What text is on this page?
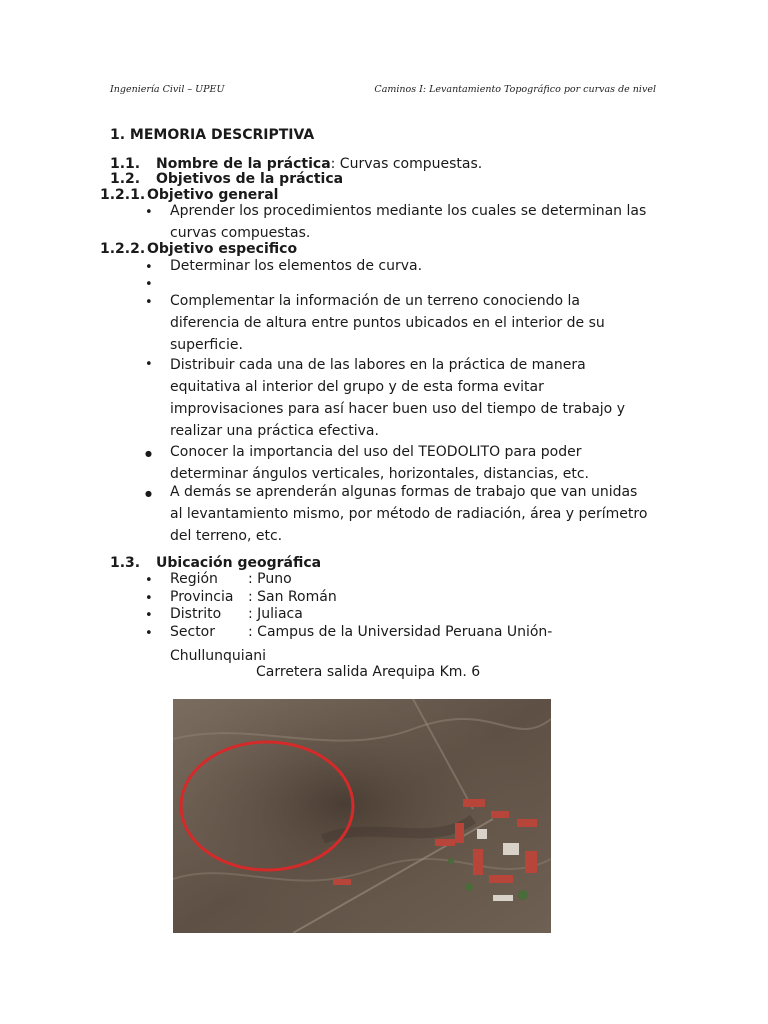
Ingeniería Civil – UPEU	Caminos I: Levantamiento Topográfico por curvas de nivel
1. MEMORIA DESCRIPTIVA
1.1. Nombre de la práctica: Curvas compuestas.
1.2. Objetivos de la práctica
1.2.1. Objetivo general
• Aprender los procedimientos mediante los cuales se determinan las
curvas compuestas.
1.2.2. Objetivo especifico
• Determinar los elementos de curva.
•
• Complementar la información de un terreno conociendo la
diferencia de altura entre puntos ubicados en el interior de su
superficie.
• Distribuir cada una de las labores en la práctica de manera
equitativa al interior del grupo y de esta forma evitar
improvisaciones para así hacer buen uso del tiempo de trabajo y
realizar una práctica efectiva.
● Conocer la importancia del uso del TEODOLITO para poder
determinar ángulos verticales, horizontales, distancias, etc.
● A demás se aprenderán algunas formas de trabajo que van unidas
al levantamiento mismo, por método de radiación, área y perímetro
del terreno, etc.
1.3. Ubicación geográfica
• Región : Puno
• Provincia : San Román
• Distrito : Juliaca
• Sector : Campus de la Universidad Peruana Unión-
Chullunquiani
Carretera salida Arequipa Km. 6
